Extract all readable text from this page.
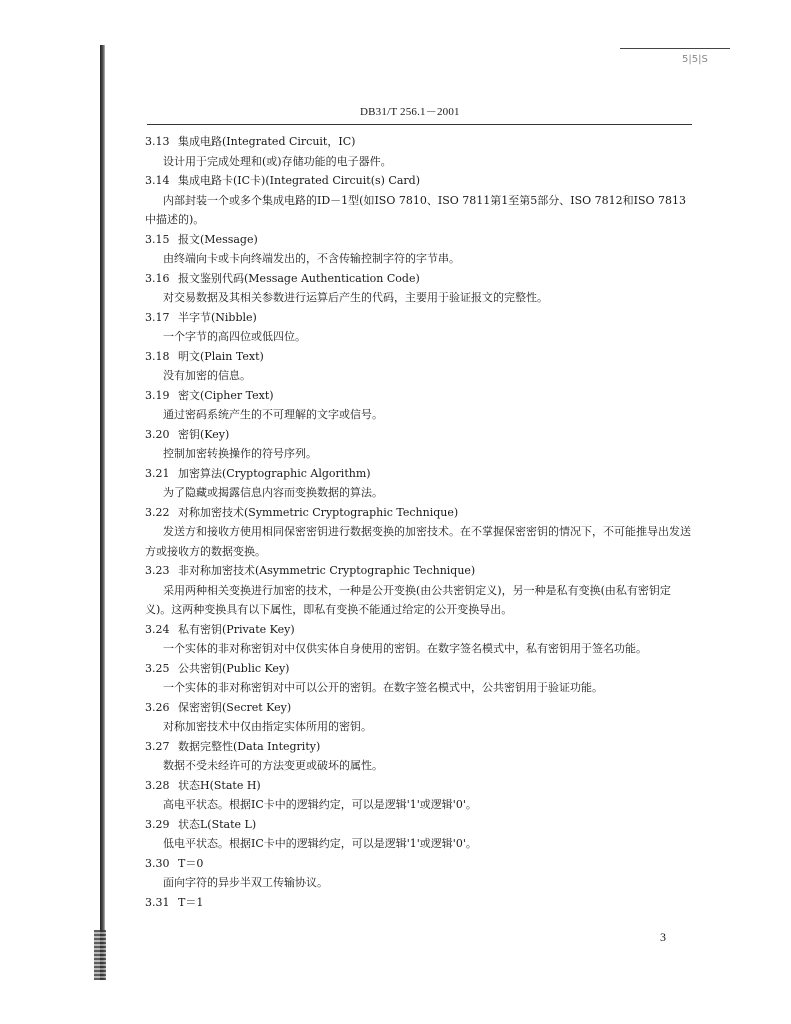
5|5|S
DB31/T 256.1－2001
3.13 集成电路(Integrated Circuit，IC)
设计用于完成处理和(或)存储功能的电子器件。
3.14 集成电路卡(IC卡)(Integrated Circuit(s) Card)
内部封装一个或多个集成电路的ID－1型(如ISO 7810、ISO 7811第1至第5部分、ISO 7812和ISO 7813中描述的)。
3.15 报文(Message)
由终端向卡或卡向终端发出的，不含传输控制字符的字节串。
3.16 报文鉴别代码(Message Authentication Code)
对交易数据及其相关参数进行运算后产生的代码，主要用于验证报文的完整性。
3.17 半字节(Nibble)
一个字节的高四位或低四位。
3.18 明文(Plain Text)
没有加密的信息。
3.19 密文(Cipher Text)
通过密码系统产生的不可理解的文字或信号。
3.20 密钥(Key)
控制加密转换操作的符号序列。
3.21 加密算法(Cryptographic Algorithm)
为了隐藏或揭露信息内容而变换数据的算法。
3.22 对称加密技术(Symmetric Cryptographic Technique)
发送方和接收方使用相同保密密钥进行数据变换的加密技术。在不掌握保密密钥的情况下，不可能推导出发送方或接收方的数据变换。
3.23 非对称加密技术(Asymmetric Cryptographic Technique)
采用两种相关变换进行加密的技术，一种是公开变换(由公共密钥定义)，另一种是私有变换(由私有密钥定义)。这两种变换具有以下属性，即私有变换不能通过给定的公开变换导出。
3.24 私有密钥(Private Key)
一个实体的非对称密钥对中仅供实体自身使用的密钥。在数字签名模式中，私有密钥用于签名功能。
3.25 公共密钥(Public Key)
一个实体的非对称密钥对中可以公开的密钥。在数字签名模式中，公共密钥用于验证功能。
3.26 保密密钥(Secret Key)
对称加密技术中仅由指定实体所用的密钥。
3.27 数据完整性(Data Integrity)
数据不受未经许可的方法变更或破坏的属性。
3.28 状态H(State H)
高电平状态。根据IC卡中的逻辑约定，可以是逻辑'1'或逻辑'0'。
3.29 状态L(State L)
低电平状态。根据IC卡中的逻辑约定，可以是逻辑'1'或逻辑'0'。
3.30 T＝0
面向字符的异步半双工传输协议。
3.31 T＝1
3
